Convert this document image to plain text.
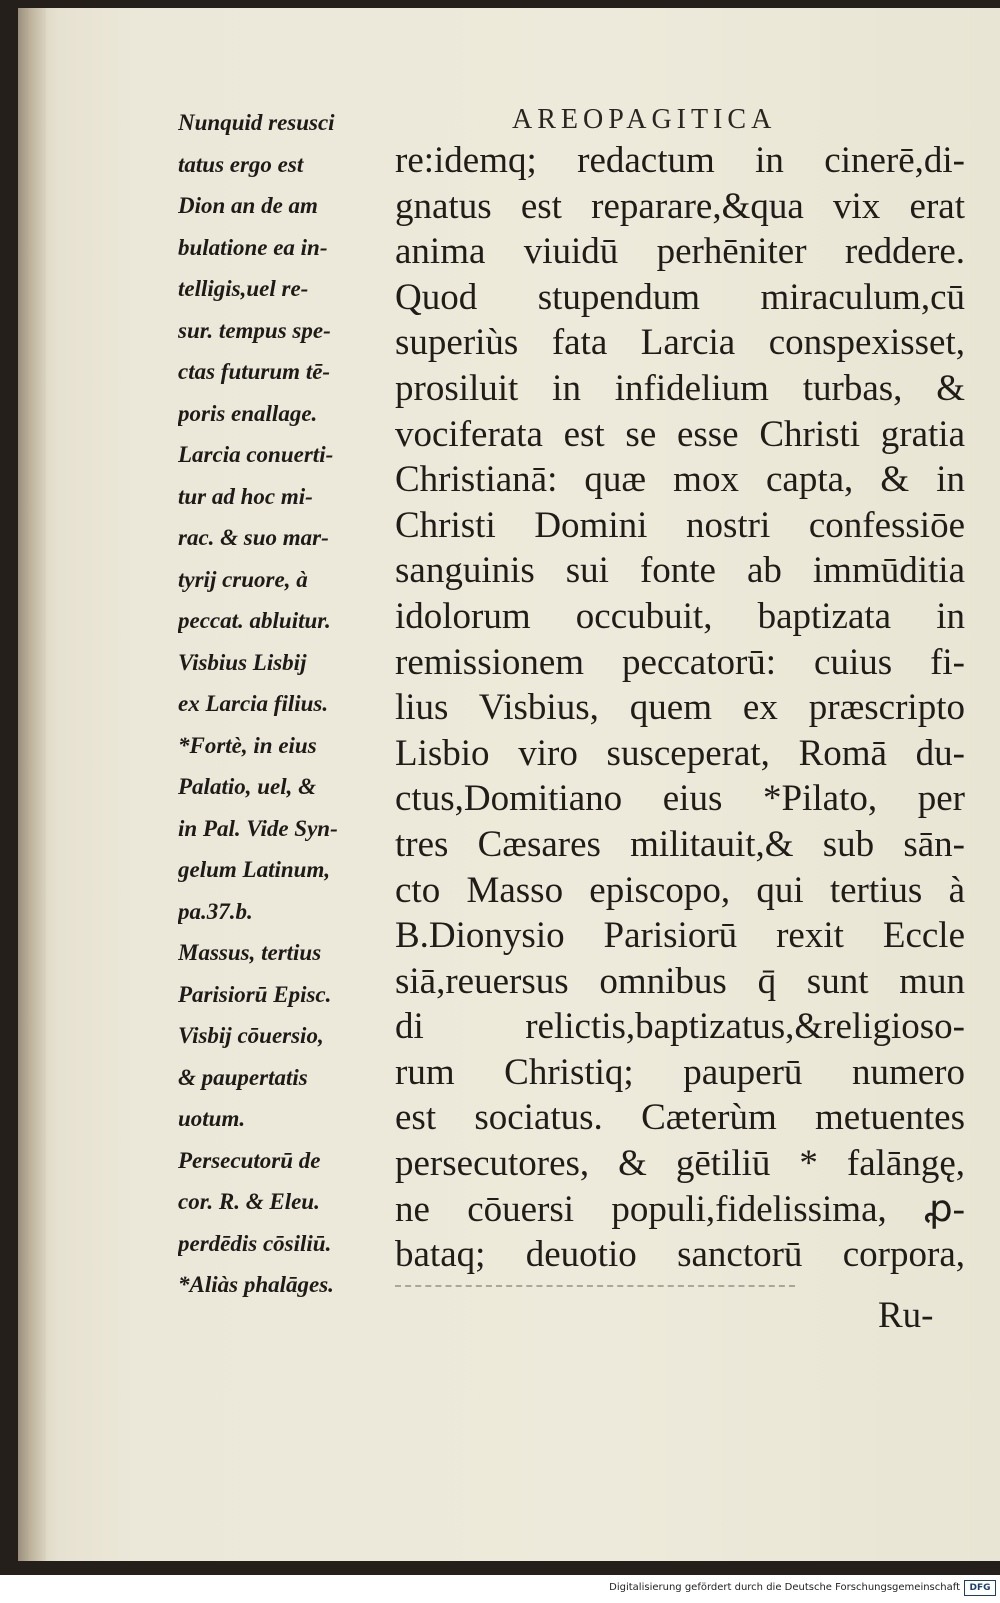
AREOPAGITICA
Nunquid resusci
tatus ergo est
Dion an de am
bulatione ea in-
telligis,uel re-
sur. tempus spe-
ctas futurum tē-
poris enallage.
Larcia conuerti-
tur ad hoc mi-
rac. & suo mar-
tyrij cruore, à
peccat. abluitur.
Visbius Lisbij
ex Larcia filius.
*Fortè, in eius
Palatio, uel, &
in Pal. Vide Syn-
gelum Latinum,
pa.37.b.
Massus, tertius
Parisiorū Episc.
Visbij cōuersio,
& paupertatis
uotum.
Persecutorū de
cor. R. & Eleu.
perdēdis cōsiliū.
*Aliàs phalāges.
re:idemq; redactum in cinerē,di-
gnatus est reparare,&qua vix erat
anima viuidū perhēniter reddere.
Quod stupendum miraculum,cū
superiùs fata Larcia conspexisset,
prosiluit in infidelium turbas, &
vociferata est se esse Christi gratia
Christianā: quæ mox capta, & in
Christi Domini nostri confessiōe
sanguinis sui fonte ab immūditia
idolorum occubuit, baptizata in
remissionem peccatorū: cuius fi-
lius Visbius, quem ex præscripto
Lisbio viro susceperat, Romā du-
ctus,Domitiano eius *Pilato, per
tres Cæsares militauit,& sub sān-
cto Masso episcopo, qui tertius à
B.Dionysio Parisiorū rexit Eccle
siā,reuersus omnibus q̄ sunt mun
di relictis,baptizatus,&religioso-
rum Christiq; pauperū numero
est sociatus. Cæterùm metuentes
persecutores, & gētiliū * falāngę,
ne cōuersi populi,fidelissima, ꝓ-
bataq; deuotio sanctorū corpora,
Ru-
Digitalisierung gefördert durch die Deutsche Forschungsgemeinschaft	DFG
